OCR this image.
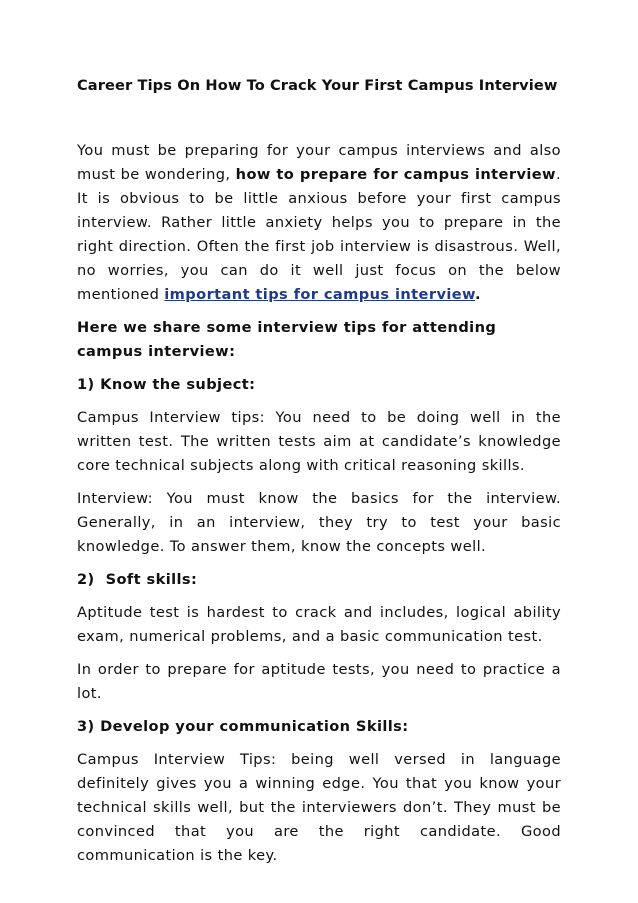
Career Tips On How To Crack Your First Campus Interview

You must be preparing for your campus interviews and also must be wondering, how to prepare for campus interview. It is obvious to be little anxious before your first campus interview. Rather little anxiety helps you to prepare in the right direction. Often the first job interview is disastrous. Well, no worries, you can do it well just focus on the below mentioned important tips for campus interview.

Here we share some interview tips for attending campus interview:
1) Know the subject:

Campus Interview tips: You need to be doing well in the written test. The written tests aim at candidate’s knowledge core technical subjects along with critical reasoning skills.

Interview: You must know the basics for the interview. Generally, in an interview, they try to test your basic knowledge. To answer them, know the concepts well.

2)  Soft skills:

Aptitude test is hardest to crack and includes, logical ability exam, numerical problems, and a basic communication test.

In order to prepare for aptitude tests, you need to practice a lot.

3) Develop your communication Skills:

Campus Interview Tips: being well versed in language definitely gives you a winning edge. You that you know your technical skills well, but the interviewers don’t. They must be convinced that you are the right candidate. Good communication is the key.
